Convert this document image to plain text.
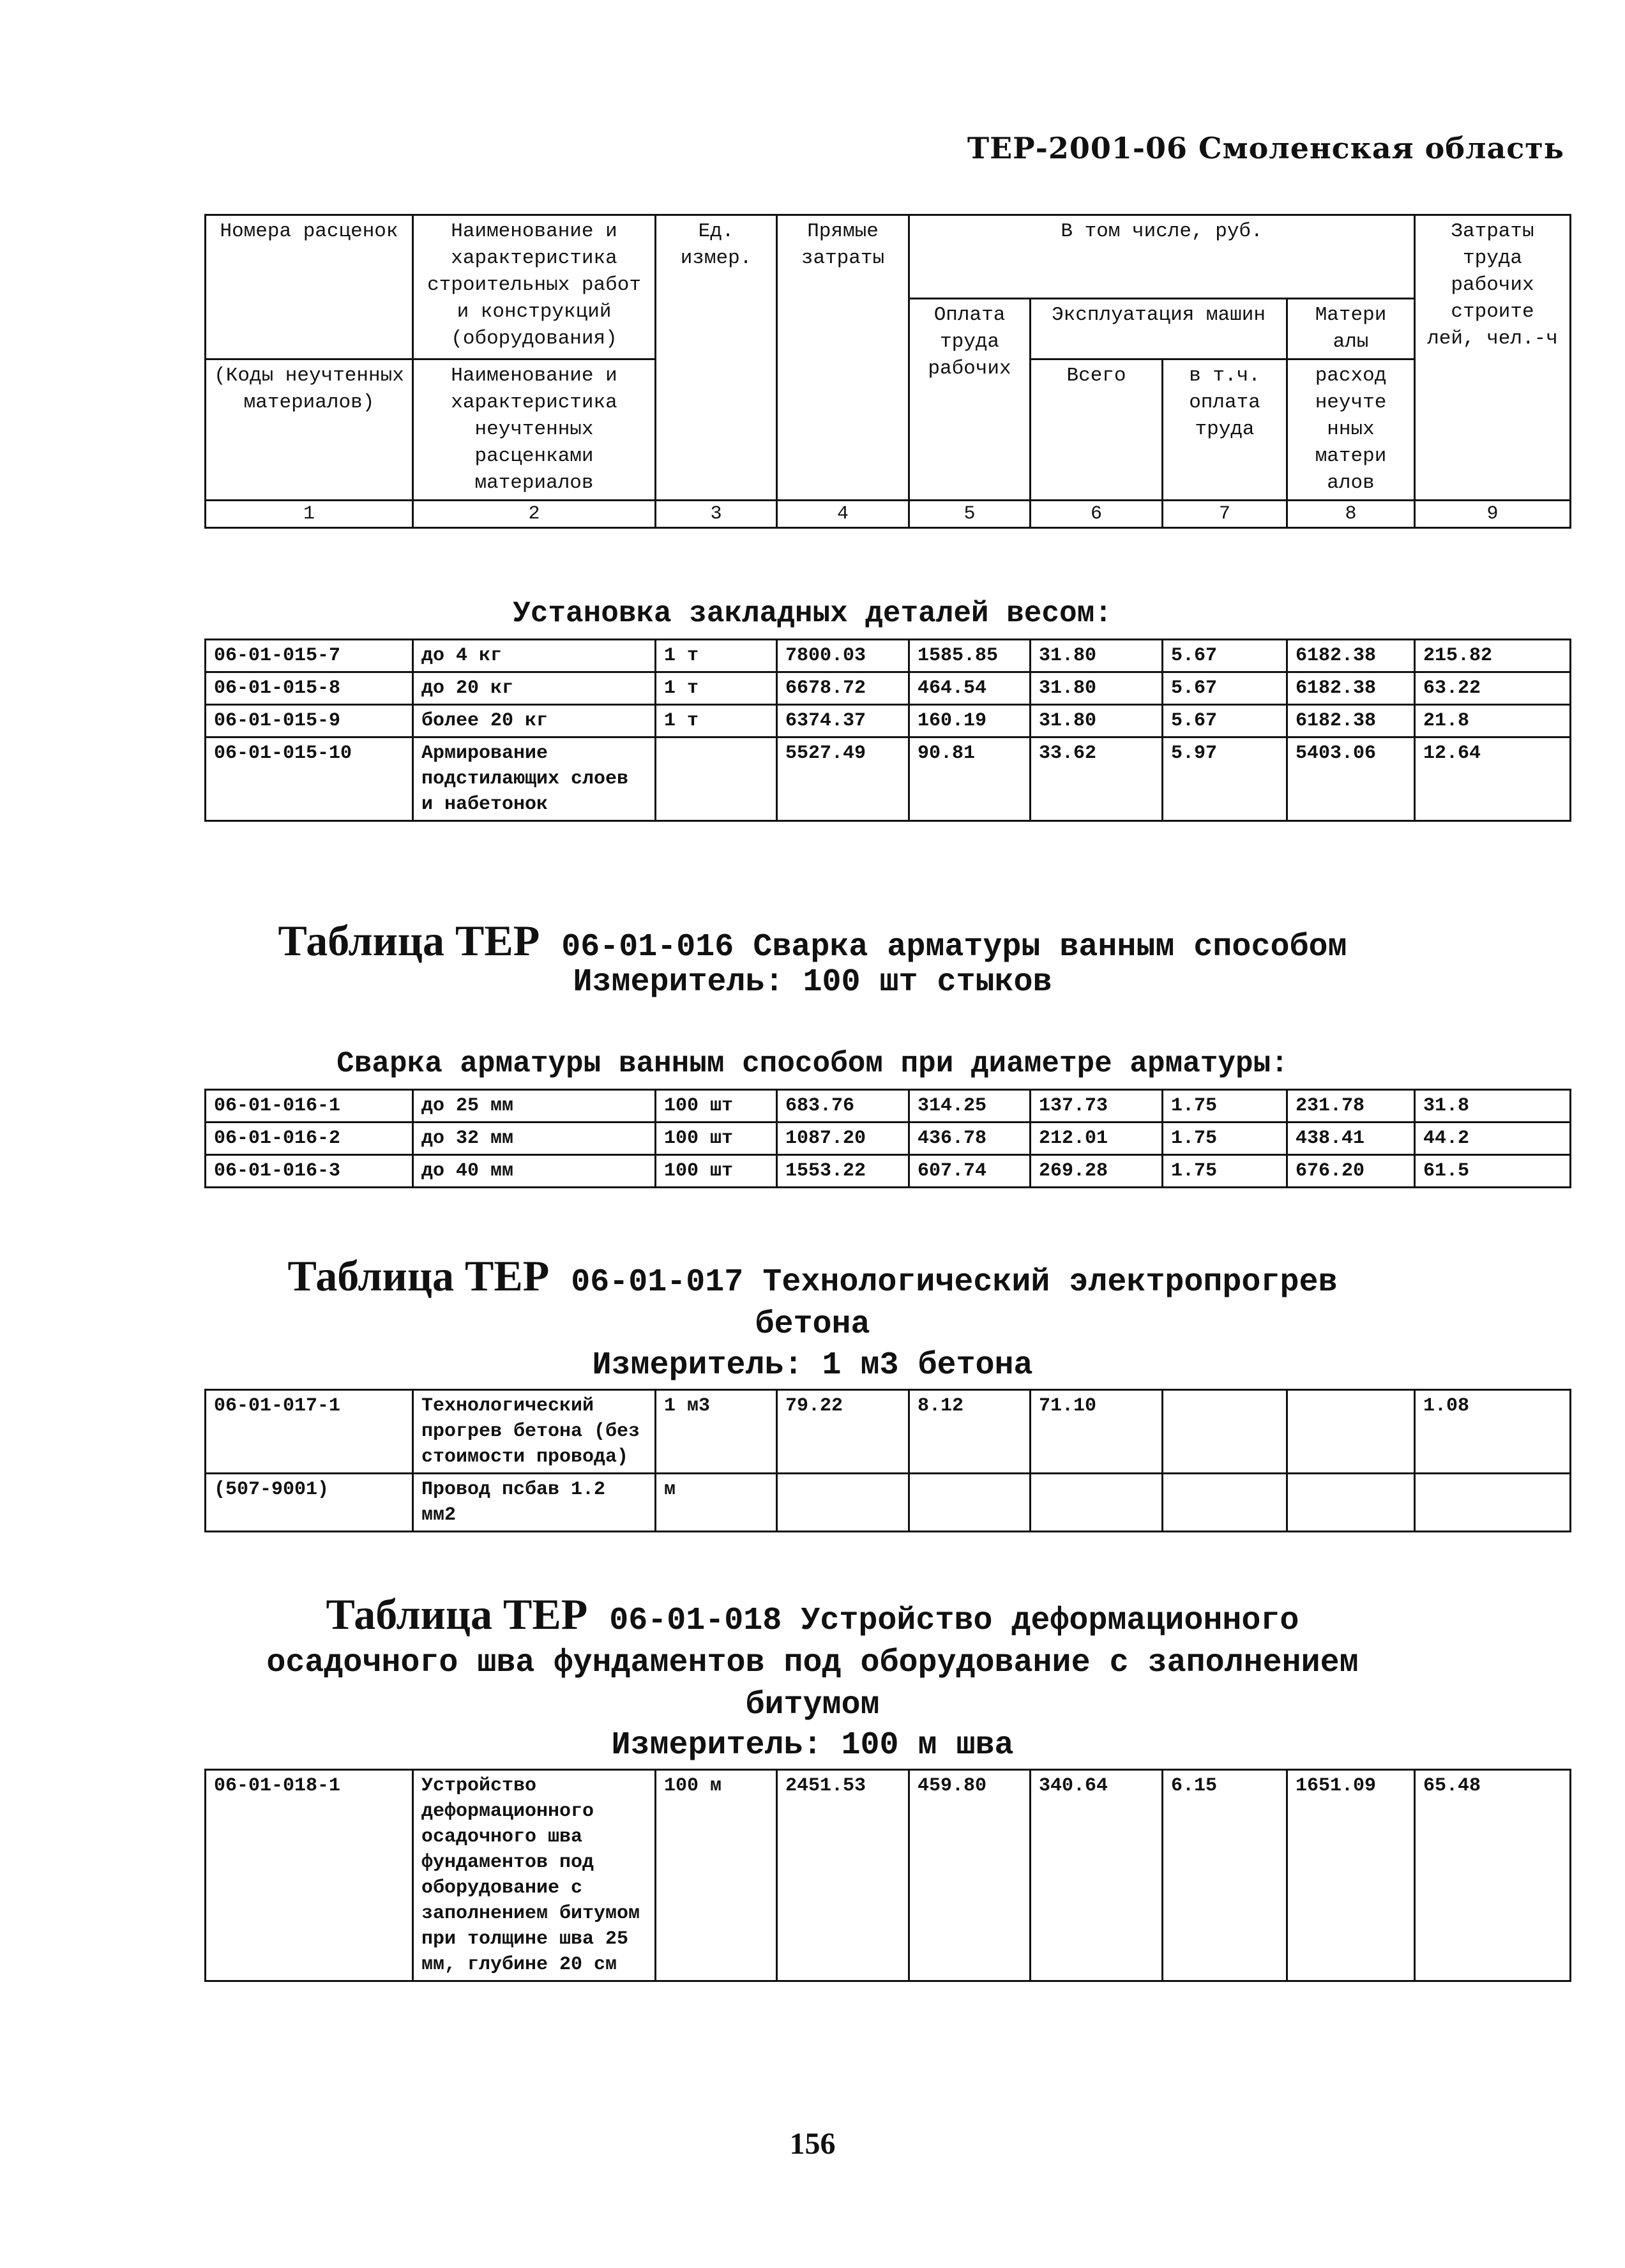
ТЕР-2001-06 Смоленская область
Номера расценок	Наименование и характеристика строительных работ и конструкций (оборудования)	Ед. измер.	Прямые затраты	В том числе, руб.				Затраты труда рабочих строите лей, чел.-ч
				Оплата труда рабочих	Эксплуатация машин		Матери алы	
(Коды неучтенных материалов)	Наименование и характеристика неучтенных расценками материалов				Всего	в т.ч. оплата труда	расход неучте нных матери алов	
1	2	3	4	5	6	7	8	9
Установка закладных деталей весом:
06-01-015-7	до 4 кг	1 т	7800.03	1585.85	31.80	5.67	6182.38	215.82
06-01-015-8	до 20 кг	1 т	6678.72	464.54	31.80	5.67	6182.38	63.22
06-01-015-9	более 20 кг	1 т	6374.37	160.19	31.80	5.67	6182.38	21.8
06-01-015-10	Армирование подстилающих слоев и набетонок		5527.49	90.81	33.62	5.97	5403.06	12.64
Таблица ТЕР 06-01-016 Сварка арматуры ванным способом
Измеритель: 100 шт стыков
Сварка арматуры ванным способом при диаметре арматуры:
06-01-016-1	до 25 мм	100 шт	683.76	314.25	137.73	1.75	231.78	31.8
06-01-016-2	до 32 мм	100 шт	1087.20	436.78	212.01	1.75	438.41	44.2
06-01-016-3	до 40 мм	100 шт	1553.22	607.74	269.28	1.75	676.20	61.5
Таблица ТЕР 06-01-017 Технологический электропрогрев
бетона
Измеритель: 1 м3 бетона
06-01-017-1	Технологический прогрев бетона (без стоимости провода)	1 м3	79.22	8.12	71.10			1.08
(507-9001)	Провод псбав 1.2 мм2	м						
Таблица ТЕР 06-01-018 Устройство деформационного
осадочного шва фундаментов под оборудование с заполнением
битумом
Измеритель: 100 м шва
06-01-018-1	Устройство деформационного осадочного шва фундаментов под оборудование с заполнением битумом при толщине шва 25 мм, глубине 20 см	100 м	2451.53	459.80	340.64	6.15	1651.09	65.48
156
